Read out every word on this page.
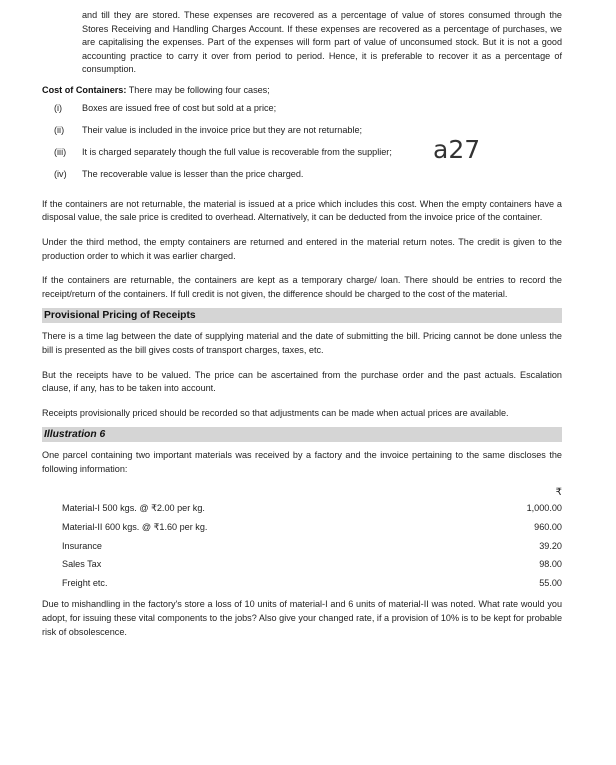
and till they are stored. These expenses are recovered as a percentage of value of stores consumed through the Stores Receiving and Handling Charges Account. If these expenses are recovered as a percentage of purchases, we are capitalising the expenses. Part of the expenses will form part of value of unconsumed stock. But it is not a good accounting practice to carry it over from period to period. Hence, it is preferable to recover it as a percentage of consumption.

Cost of Containers: There may be following four cases;

(i)	Boxes are issued free of cost but sold at a price;
(ii)	Their value is included in the invoice price but they are not returnable;
(iii)	It is charged separately though the full value is recoverable from the supplier;
(iv)	The recoverable value is lesser than the price charged.

If the containers are not returnable, the material is issued at a price which includes this cost. When the empty containers have a disposal value, the sale price is credited to overhead. Alternatively, it can be deducted from the invoice price of the container.

Under the third method, the empty containers are returned and entered in the material return notes. The credit is given to the production order to which it was earlier charged.

If the containers are returnable, the containers are kept as a temporary charge/ loan. There should be entries to record the receipt/return of the containers. If full credit is not given, the difference should be charged to the cost of the material.

Provisional Pricing of Receipts

There is a time lag between the date of supplying material and the date of submitting the bill. Pricing cannot be done unless the bill is presented as the bill gives costs of transport charges, taxes, etc.

But the receipts have to be valued. The price can be ascertained from the purchase order and the past actuals. Escalation clause, if any, has to be taken into account.

Receipts provisionally priced should be recorded so that adjustments can be made when actual prices are available.

Illustration 6

One parcel containing two important materials was received by a factory and the invoice pertaining to the same discloses the following information:

₹
Material-I 500 kgs. @ ₹2.00 per kg.	1,000.00
Material-II 600 kgs. @ ₹1.60 per kg.	960.00
Insurance	39.20
Sales Tax	98.00
Freight etc.	55.00

Due to mishandling in the factory's store a loss of 10 units of material-I and 6 units of material-II was noted. What rate would you adopt, for issuing these vital components to the jobs? Also give your changed rate, if a provision of 10% is to be kept for probable risk of obsolescence.

a27
